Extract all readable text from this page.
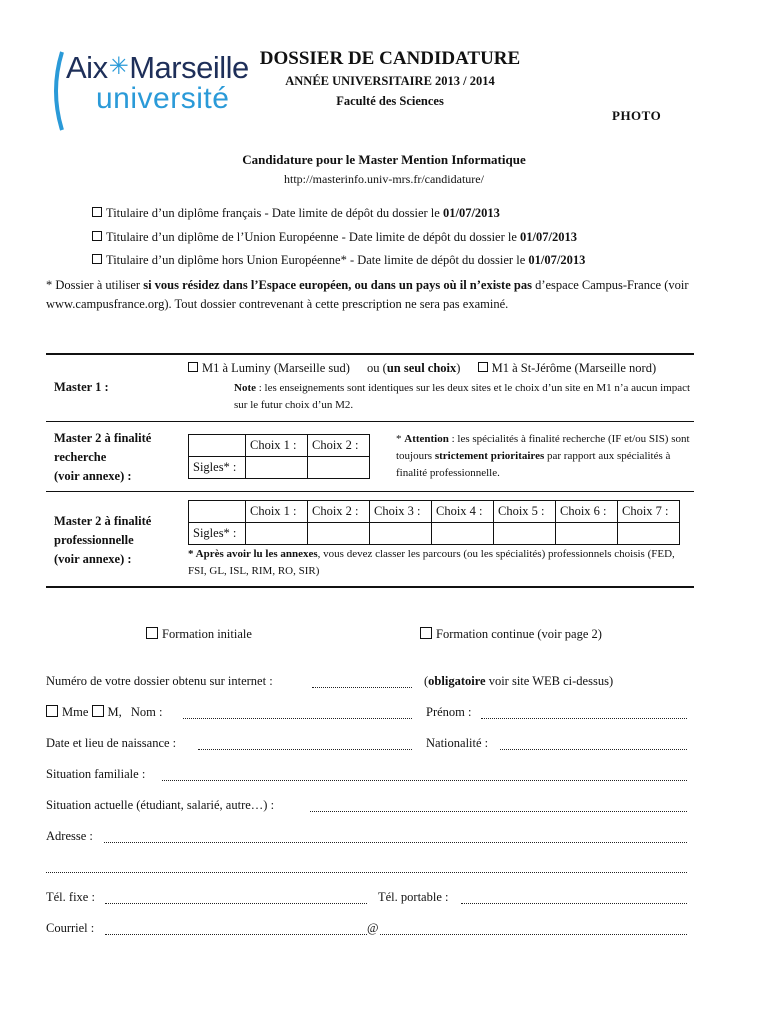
Aix✳Marseille
université
DOSSIER DE CANDIDATURE
ANNÉE UNIVERSITAIRE 2013 / 2014
Faculté des Sciences
PHOTO
Candidature pour le Master Mention Informatique
http://masterinfo.univ-mrs.fr/candidature/
Titulaire d’un diplôme français - Date limite de dépôt du dossier le 01/07/2013
Titulaire d’un diplôme de l’Union Européenne - Date limite de dépôt du dossier le 01/07/2013
Titulaire d’un diplôme hors Union Européenne* - Date limite de dépôt du dossier le 01/07/2013
* Dossier à utiliser si vous résidez dans l’Espace européen, ou dans un pays où il n’existe pas d’espace Campus-France (voir www.campusfrance.org). Tout dossier contrevenant à cette prescription ne sera pas examiné.
Master 1 :
M1 à Luminy (Marseille sud) ou (un seul choix) M1 à St-Jérôme (Marseille nord)
Note : les enseignements sont identiques sur les deux sites et le choix d’un site en M1 n’a aucun impact sur le futur choix d’un M2.
Master 2 à finalité
recherche
(voir annexe) :
	Choix 1 :	Choix 2 :
Sigles* :		
* Attention : les spécialités à finalité recherche (IF et/ou SIS) sont toujours strictement prioritaires par rapport aux spécialités à finalité professionnelle.
Master 2 à finalité
professionnelle
(voir annexe) :
	Choix 1 :	Choix 2 :	Choix 3 :	Choix 4 :	Choix 5 :	Choix 6 :	Choix 7 :
Sigles* :							
* Après avoir lu les annexes, vous devez classer les parcours (ou les spécialités) professionnels choisis (FED, FSI, GL, ISL, RIM, RO, SIR)
Formation initiale	Formation continue (voir page 2)
Numéro de votre dossier obtenu sur internet :	(obligatoire voir site WEB ci-dessus)
Mme M, Nom :	Prénom :
Date et lieu de naissance :	Nationalité :
Situation familiale :
Situation actuelle (étudiant, salarié, autre…) :
Adresse :
Tél. fixe :	Tél. portable :
Courriel :	@
